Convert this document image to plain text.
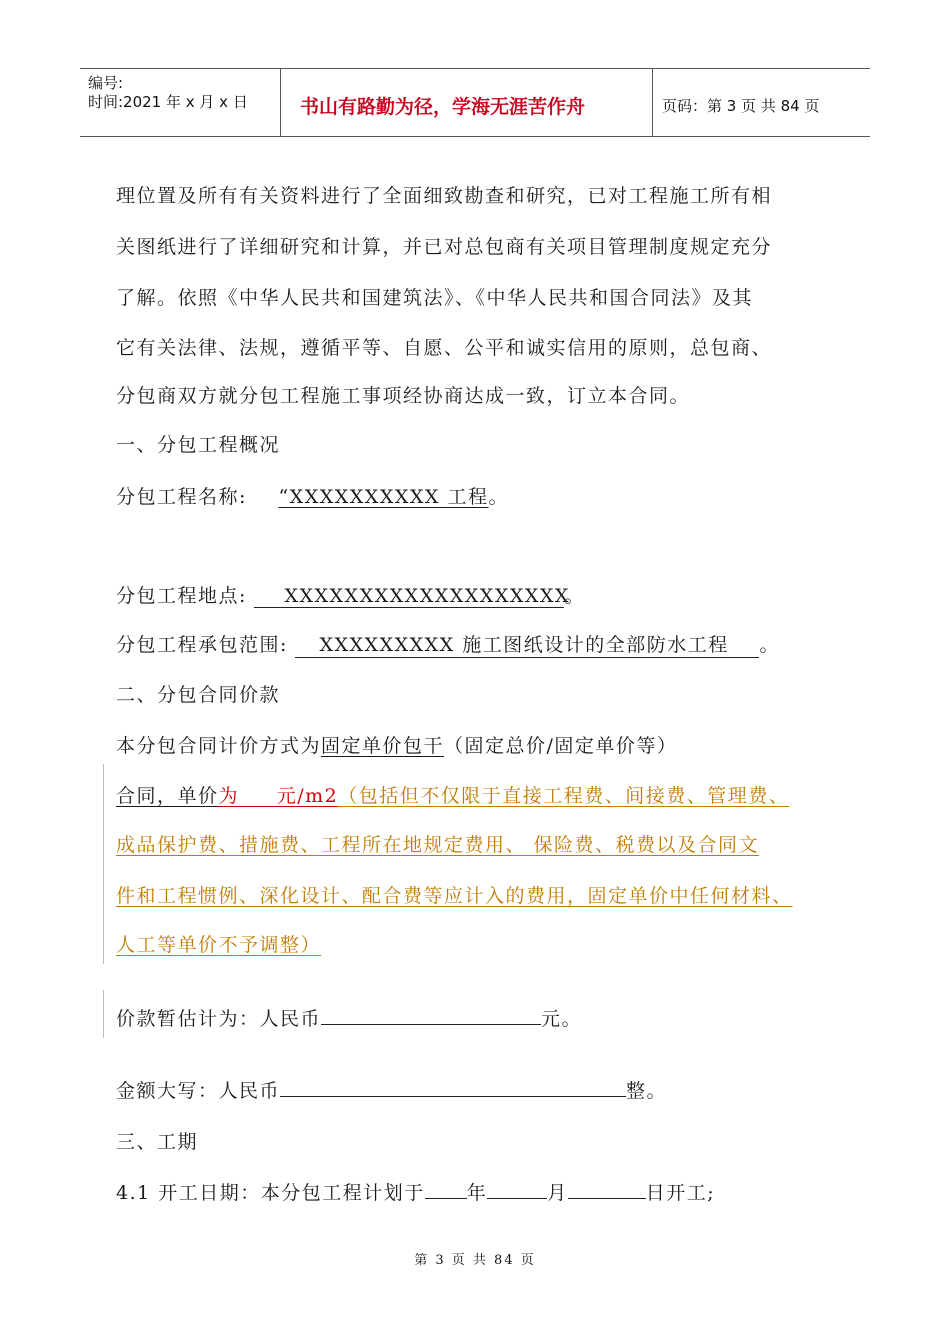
编号:
时间:2021 年 x 月 x 日	书山有路勤为径，学海无涯苦作舟	页码：第 3 页 共 84 页
理位置及所有有关资料进行了全面细致勘查和研究，已对工程施工所有相
关图纸进行了详细研究和计算，并已对总包商有关项目管理制度规定充分
了解。依照《中华人民共和国建筑法》、《中华人民共和国合同法》及其
它有关法律、法规，遵循平等、自愿、公平和诚实信用的原则，总包商、
分包商双方就分包工程施工事项经协商达成一致，订立本合同。
一、分包工程概况
分包工程名称: “XXXXXXXXXX 工程。
分包工程地点: XXXXXXXXXXXXXXXXXXX。
分包工程承包范围: XXXXXXXXX 施工图纸设计的全部防水工程 。
二、分包合同价款
本分包合同计价方式为固定单价包干（固定总价/固定单价等）
合同，单价为     元/m2（包括但不仅限于直接工程费、间接费、管理费、
成品保护费、措施费、工程所在地规定费用、 保险费、税费以及合同文
件和工程惯例、深化设计、配合费等应计入的费用，固定单价中任何材料、
人工等单价不予调整）
价款暂估计为：人民币	元。
金额大写：人民币	整。
三、工期
4.1 开工日期：本分包工程计划于 年	月	日开工;
第 3 页 共 84 页
